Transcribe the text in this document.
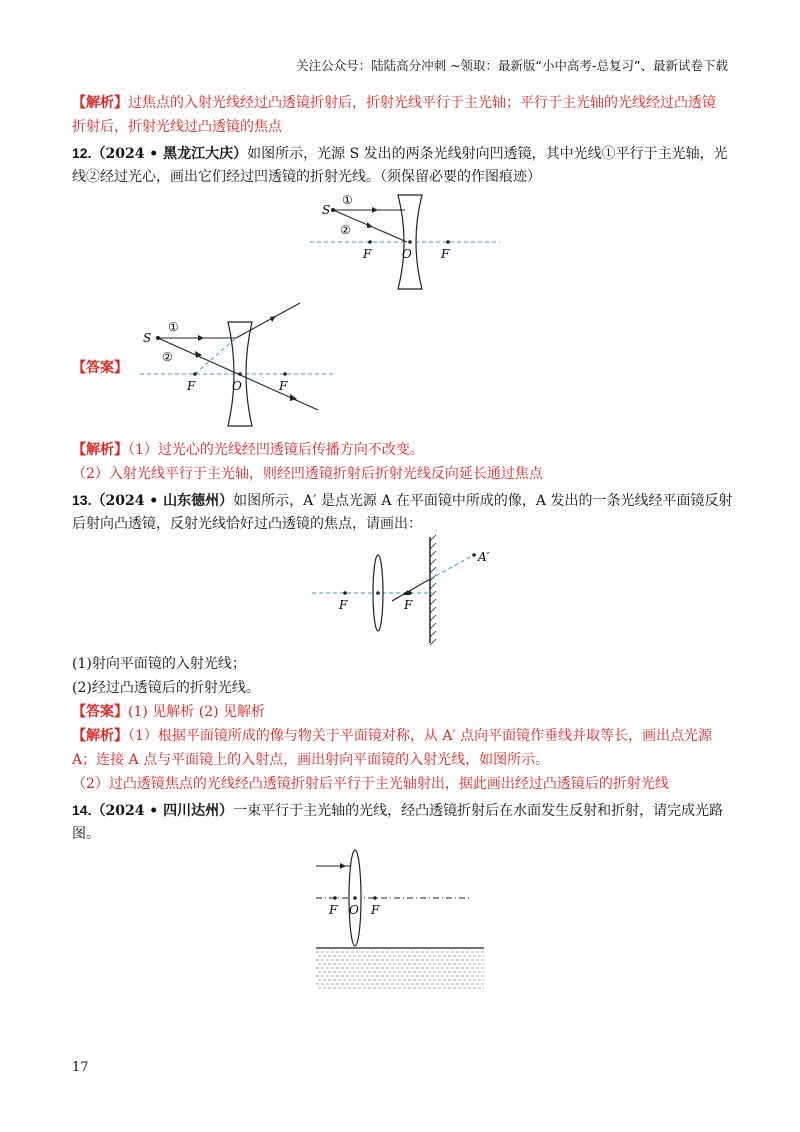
关注公众号：陆陆高分冲刺 ~领取：最新版“小中高考-总复习”、最新试卷下载
【解析】过焦点的入射光线经过凸透镜折射后，折射光线平行于主光轴；平行于主光轴的光线经过凸透镜
折射后，折射光线过凸透镜的焦点
12.（2024 • 黑龙江大庆）如图所示，光源 S 发出的两条光线射向凹透镜，其中光线①平行于主光轴，光
线②经过光心，画出它们经过凹透镜的折射光线。（须保留必要的作图痕迹）
S
①
②
F	O F
【答案】
S
①
②
F	O	F
【解析】（1）过光心的光线经凹透镜后传播方向不改变。
（2）入射光线平行于主光轴，则经凹透镜折射后折射光线反向延长通过焦点
13.（2024 • 山东德州）如图所示，A′ 是点光源 A 在平面镜中所成的像，A 发出的一条光线经平面镜反射
后射向凸透镜，反射光线恰好过凸透镜的焦点，请画出：
A′
F	F
(1)射向平面镜的入射光线；
(2)经过凸透镜后的折射光线。
【答案】(1) 见解析 (2) 见解析
【解析】（1）根据平面镜所成的像与物关于平面镜对称，从 A′ 点向平面镜作垂线并取等长，画出点光源
A；连接 A 点与平面镜上的入射点，画出射向平面镜的入射光线，如图所示。
（2）过凸透镜焦点的光线经凸透镜折射后平行于主光轴射出，据此画出经过凸透镜后的折射光线
14.（2024 • 四川达州）一束平行于主光轴的光线，经凸透镜折射后在水面发生反射和折射，请完成光路
图。
F O F
17
